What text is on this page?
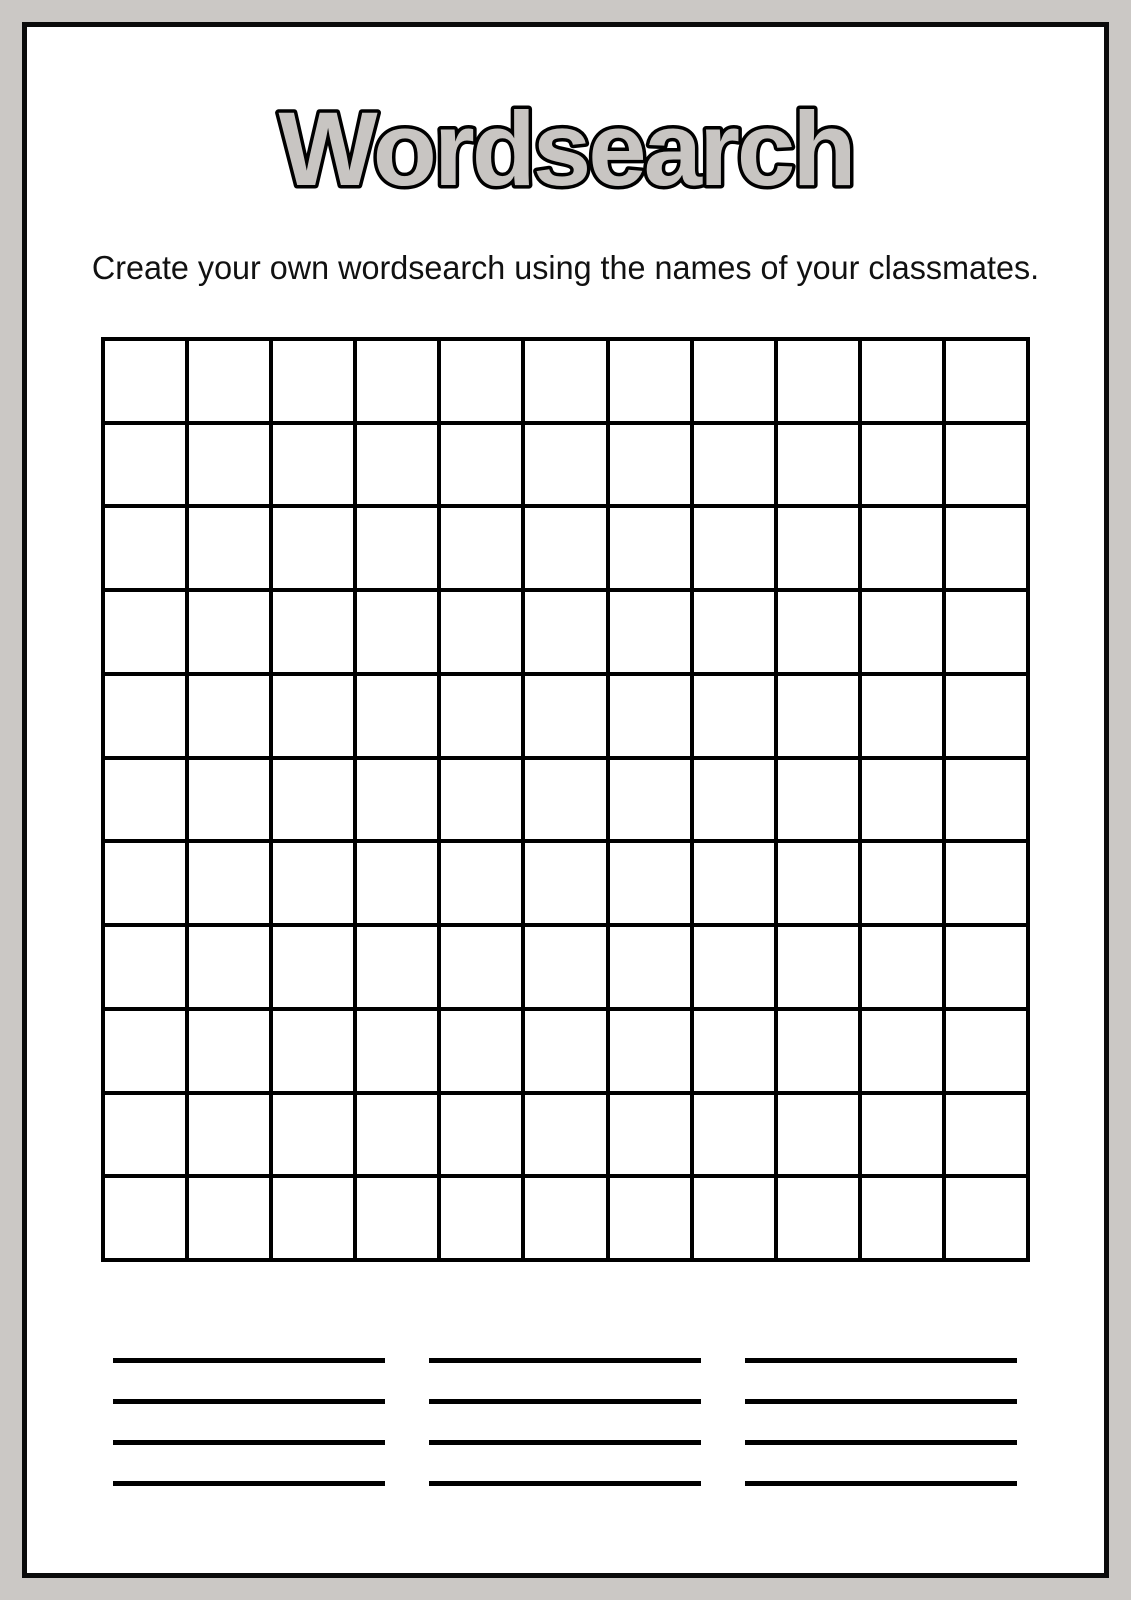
Wordsearch
Create your own wordsearch using the names of your classmates.
